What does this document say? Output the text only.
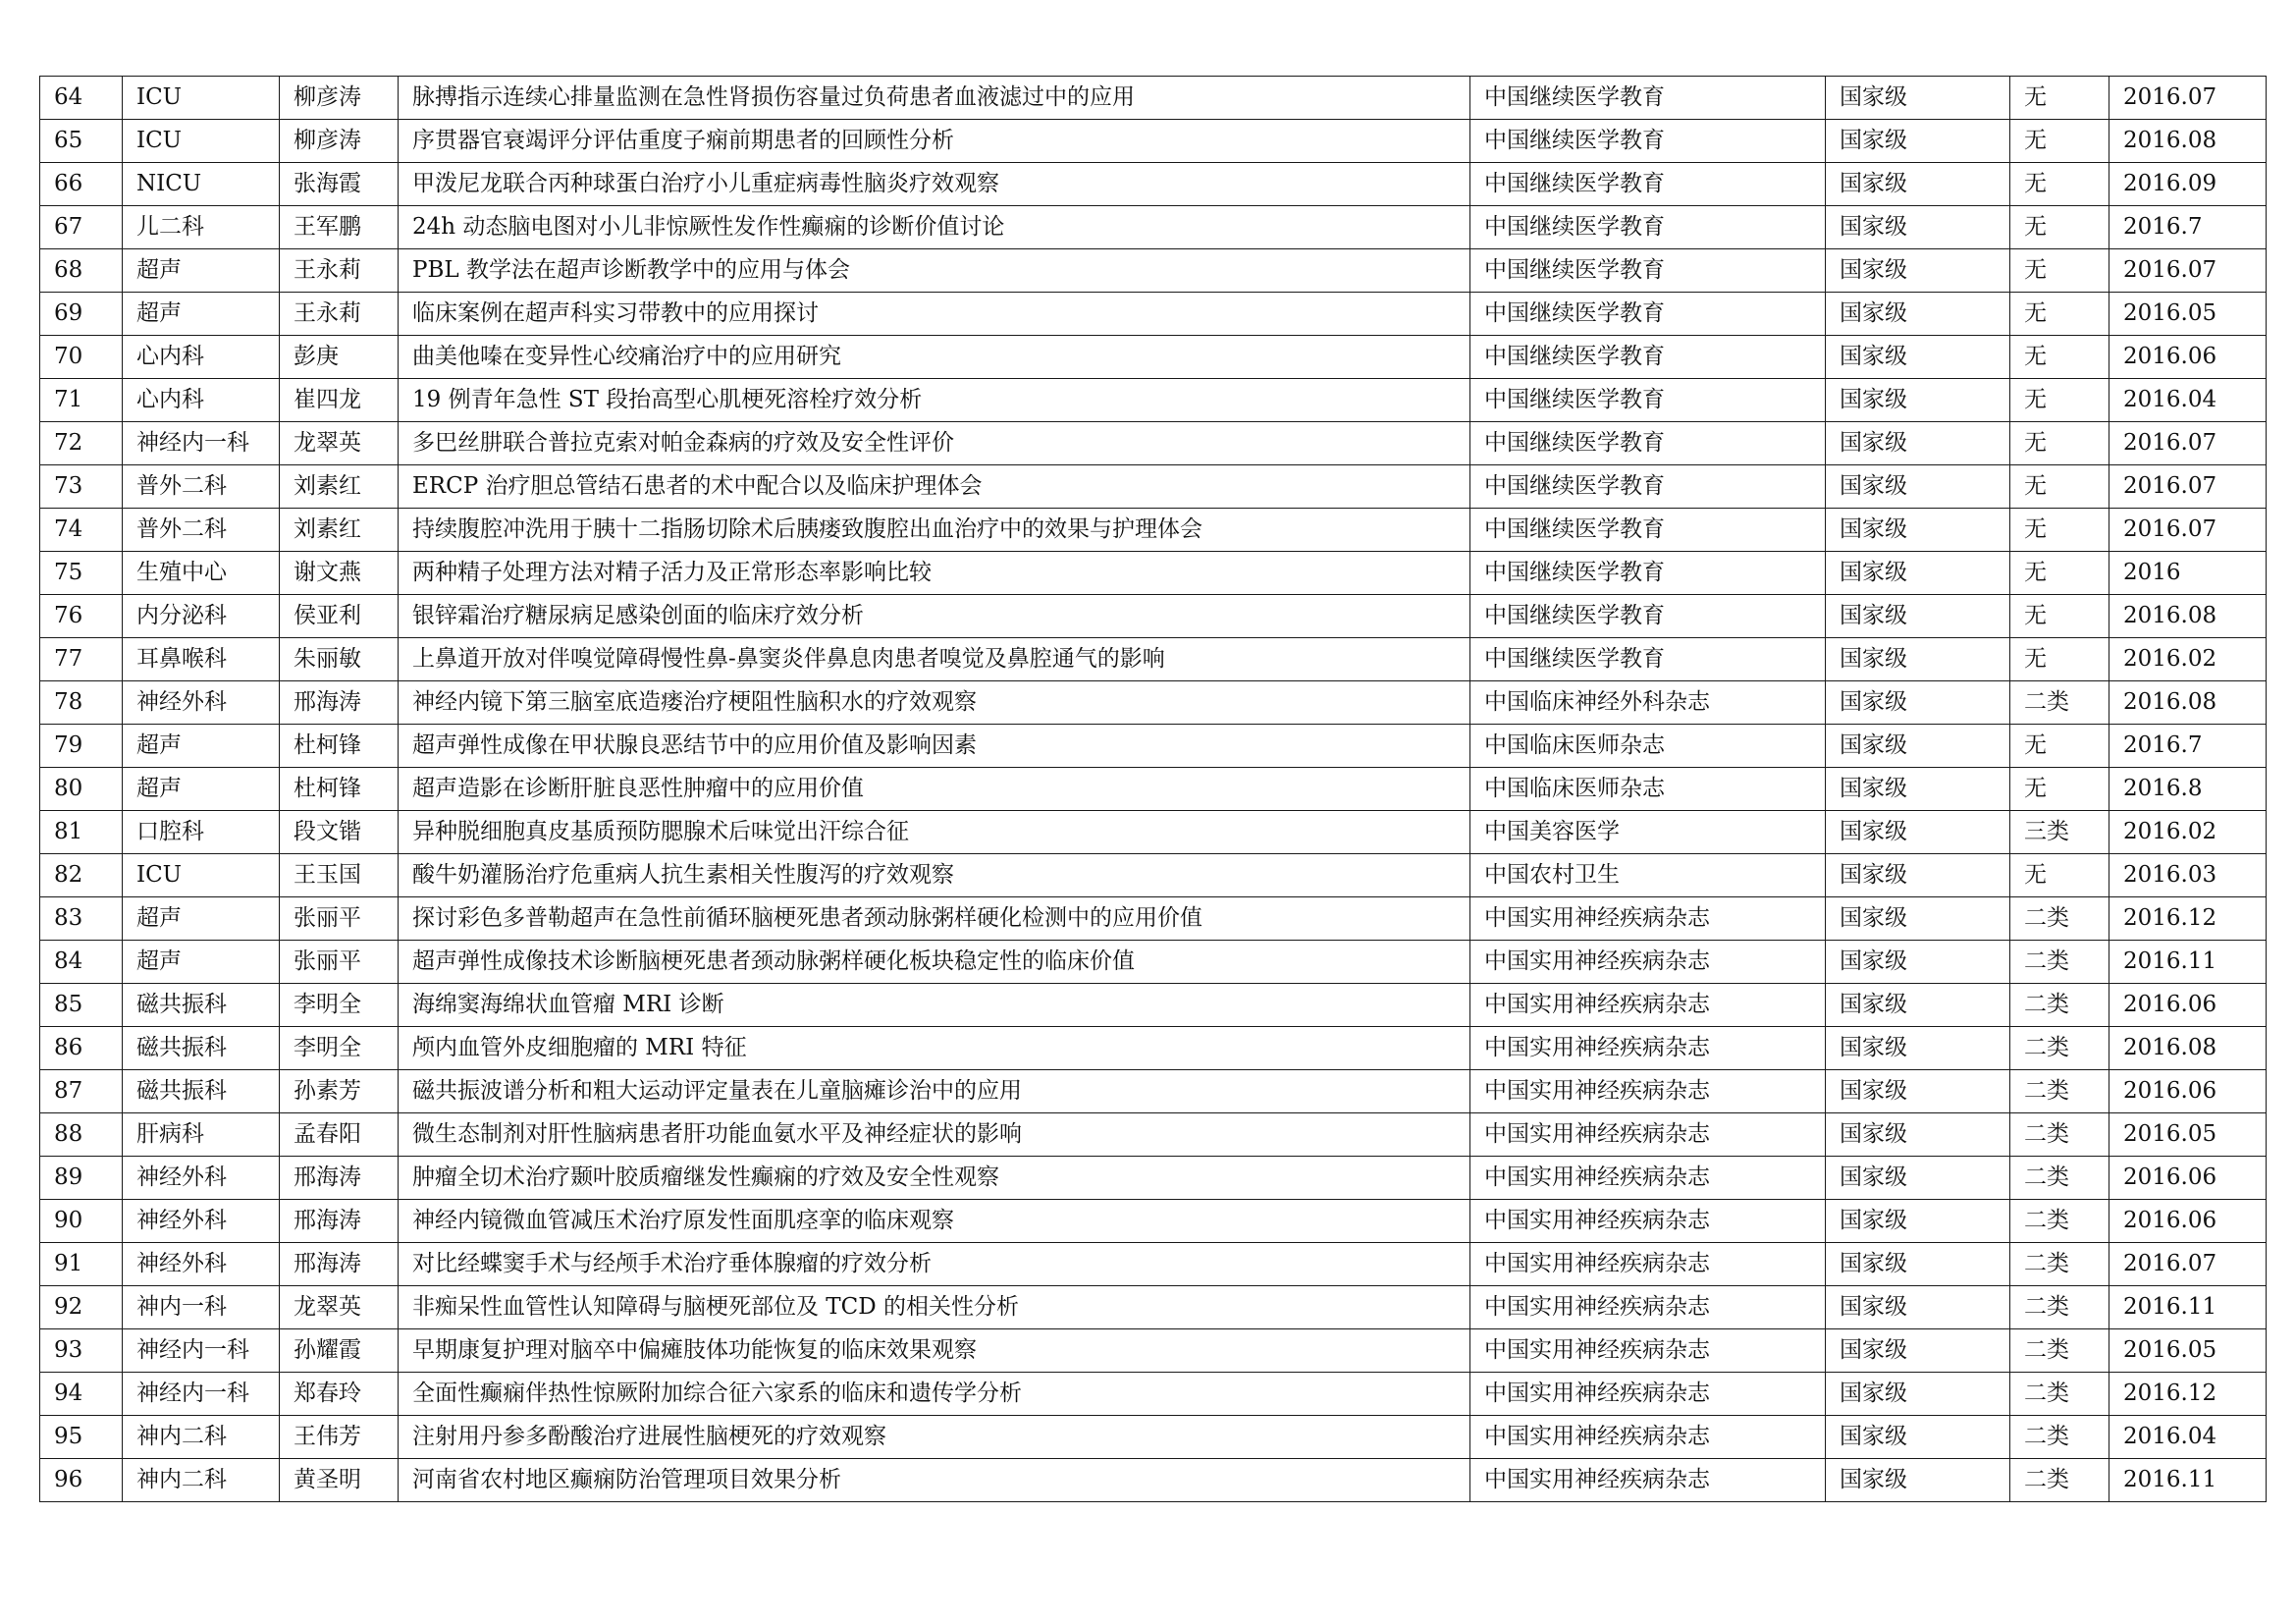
64	ICU	柳彦涛	脉搏指示连续心排量监测在急性肾损伤容量过负荷患者血液滤过中的应用	中国继续医学教育	国家级	无	2016.07
65	ICU	柳彦涛	序贯器官衰竭评分评估重度子痫前期患者的回顾性分析	中国继续医学教育	国家级	无	2016.08
66	NICU	张海霞	甲泼尼龙联合丙种球蛋白治疗小儿重症病毒性脑炎疗效观察	中国继续医学教育	国家级	无	2016.09
67	儿二科	王军鹏	24h 动态脑电图对小儿非惊厥性发作性癫痫的诊断价值讨论	中国继续医学教育	国家级	无	2016.7
68	超声	王永莉	PBL 教学法在超声诊断教学中的应用与体会	中国继续医学教育	国家级	无	2016.07
69	超声	王永莉	临床案例在超声科实习带教中的应用探讨	中国继续医学教育	国家级	无	2016.05
70	心内科	彭庚	曲美他嗪在变异性心绞痛治疗中的应用研究	中国继续医学教育	国家级	无	2016.06
71	心内科	崔四龙	19 例青年急性 ST 段抬高型心肌梗死溶栓疗效分析	中国继续医学教育	国家级	无	2016.04
72	神经内一科	龙翠英	多巴丝肼联合普拉克索对帕金森病的疗效及安全性评价	中国继续医学教育	国家级	无	2016.07
73	普外二科	刘素红	ERCP 治疗胆总管结石患者的术中配合以及临床护理体会	中国继续医学教育	国家级	无	2016.07
74	普外二科	刘素红	持续腹腔冲洗用于胰十二指肠切除术后胰瘘致腹腔出血治疗中的效果与护理体会	中国继续医学教育	国家级	无	2016.07
75	生殖中心	谢文燕	两种精子处理方法对精子活力及正常形态率影响比较	中国继续医学教育	国家级	无	2016
76	内分泌科	侯亚利	银锌霜治疗糖尿病足感染创面的临床疗效分析	中国继续医学教育	国家级	无	2016.08
77	耳鼻喉科	朱丽敏	上鼻道开放对伴嗅觉障碍慢性鼻-鼻窦炎伴鼻息肉患者嗅觉及鼻腔通气的影响	中国继续医学教育	国家级	无	2016.02
78	神经外科	邢海涛	神经内镜下第三脑室底造瘘治疗梗阻性脑积水的疗效观察	中国临床神经外科杂志	国家级	二类	2016.08
79	超声	杜柯锋	超声弹性成像在甲状腺良恶结节中的应用价值及影响因素	中国临床医师杂志	国家级	无	2016.7
80	超声	杜柯锋	超声造影在诊断肝脏良恶性肿瘤中的应用价值	中国临床医师杂志	国家级	无	2016.8
81	口腔科	段文锴	异种脱细胞真皮基质预防腮腺术后味觉出汗综合征	中国美容医学	国家级	三类	2016.02
82	ICU	王玉国	酸牛奶灌肠治疗危重病人抗生素相关性腹泻的疗效观察	中国农村卫生	国家级	无	2016.03
83	超声	张丽平	探讨彩色多普勒超声在急性前循环脑梗死患者颈动脉粥样硬化检测中的应用价值	中国实用神经疾病杂志	国家级	二类	2016.12
84	超声	张丽平	超声弹性成像技术诊断脑梗死患者颈动脉粥样硬化板块稳定性的临床价值	中国实用神经疾病杂志	国家级	二类	2016.11
85	磁共振科	李明全	海绵窦海绵状血管瘤 MRI 诊断	中国实用神经疾病杂志	国家级	二类	2016.06
86	磁共振科	李明全	颅内血管外皮细胞瘤的 MRI 特征	中国实用神经疾病杂志	国家级	二类	2016.08
87	磁共振科	孙素芳	磁共振波谱分析和粗大运动评定量表在儿童脑瘫诊治中的应用	中国实用神经疾病杂志	国家级	二类	2016.06
88	肝病科	孟春阳	微生态制剂对肝性脑病患者肝功能血氨水平及神经症状的影响	中国实用神经疾病杂志	国家级	二类	2016.05
89	神经外科	邢海涛	肿瘤全切术治疗颞叶胶质瘤继发性癫痫的疗效及安全性观察	中国实用神经疾病杂志	国家级	二类	2016.06
90	神经外科	邢海涛	神经内镜微血管减压术治疗原发性面肌痉挛的临床观察	中国实用神经疾病杂志	国家级	二类	2016.06
91	神经外科	邢海涛	对比经蝶窦手术与经颅手术治疗垂体腺瘤的疗效分析	中国实用神经疾病杂志	国家级	二类	2016.07
92	神内一科	龙翠英	非痴呆性血管性认知障碍与脑梗死部位及 TCD 的相关性分析	中国实用神经疾病杂志	国家级	二类	2016.11
93	神经内一科	孙耀霞	早期康复护理对脑卒中偏瘫肢体功能恢复的临床效果观察	中国实用神经疾病杂志	国家级	二类	2016.05
94	神经内一科	郑春玲	全面性癫痫伴热性惊厥附加综合征六家系的临床和遗传学分析	中国实用神经疾病杂志	国家级	二类	2016.12
95	神内二科	王伟芳	注射用丹参多酚酸治疗进展性脑梗死的疗效观察	中国实用神经疾病杂志	国家级	二类	2016.04
96	神内二科	黄圣明	河南省农村地区癫痫防治管理项目效果分析	中国实用神经疾病杂志	国家级	二类	2016.11
